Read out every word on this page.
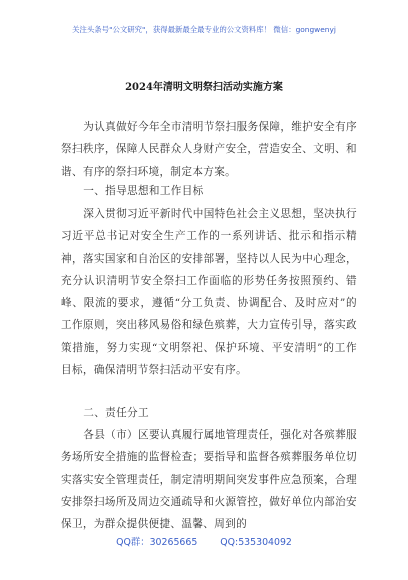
关注头条号"公文研究"，获得最新最全最专业的公文资料库！ 微信：gongwenyj
2024年清明文明祭扫活动实施方案

为认真做好今年全市清明节祭扫服务保障，维护安全有序祭扫秩序，保障人民群众人身财产安全，营造安全、文明、和谐、有序的祭扫环境，制定本方案。

一、指导思想和工作目标

深入贯彻习近平新时代中国特色社会主义思想，坚决执行习近平总书记对安全生产工作的一系列讲话、批示和指示精神，落实国家和自治区的安排部署，坚持以人民为中心理念，充分认识清明节安全祭扫工作面临的形势任务按照预约、错峰、限流的要求，遵循“分工负责、协调配合、及时应对”的工作原则，突出移风易俗和绿色殡葬，大力宣传引导，落实政策措施，努力实现“文明祭祀、保护环境、平安清明”的工作目标，确保清明节祭扫活动平安有序。

二、责任分工

各县（市）区要认真履行属地管理责任，强化对各殡葬服务场所安全措施的监督检查；要指导和监督各殡葬服务单位切实落实安全管理责任，制定清明期间突发事件应急预案，合理安排祭扫场所及周边交通疏导和火源管控，做好单位内部治安保卫，为群众提供便捷、温馨、周到的

QQ群：30265665 QQ:535304092
